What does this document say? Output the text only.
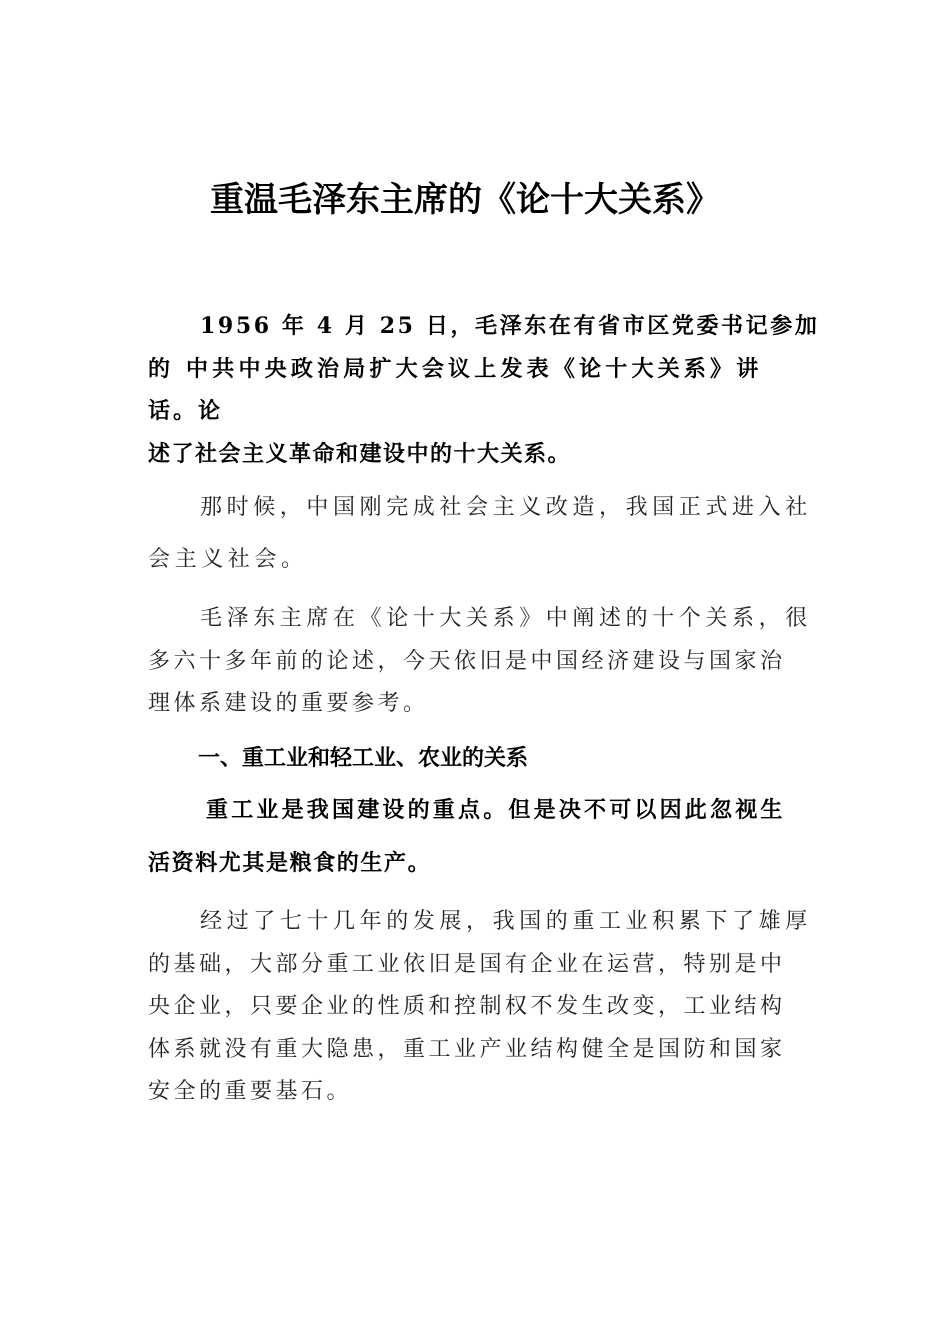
重温毛泽东主席的《论十大关系》
1956 年 4 月 25 日，毛泽东在有省市区党委书记参加
的 中共中央政治局扩大会议上发表《论十大关系》讲
话。论
述了社会主义革命和建设中的十大关系。
那时候，中国刚完成社会主义改造，我国正式进入社
会主义社会。
毛泽东主席在《论十大关系》中阐述的十个关系，很
多六十多年前的论述，今天依旧是中国经济建设与国家治
理体系建设的重要参考。
一、重工业和轻工业、农业的关系
重工业是我国建设的重点。但是决不可以因此忽视生
活资料尤其是粮食的生产。
经过了七十几年的发展，我国的重工业积累下了雄厚
的基础，大部分重工业依旧是国有企业在运营，特别是中
央企业，只要企业的性质和控制权不发生改变，工业结构
体系就没有重大隐患，重工业产业结构健全是国防和国家
安全的重要基石。
